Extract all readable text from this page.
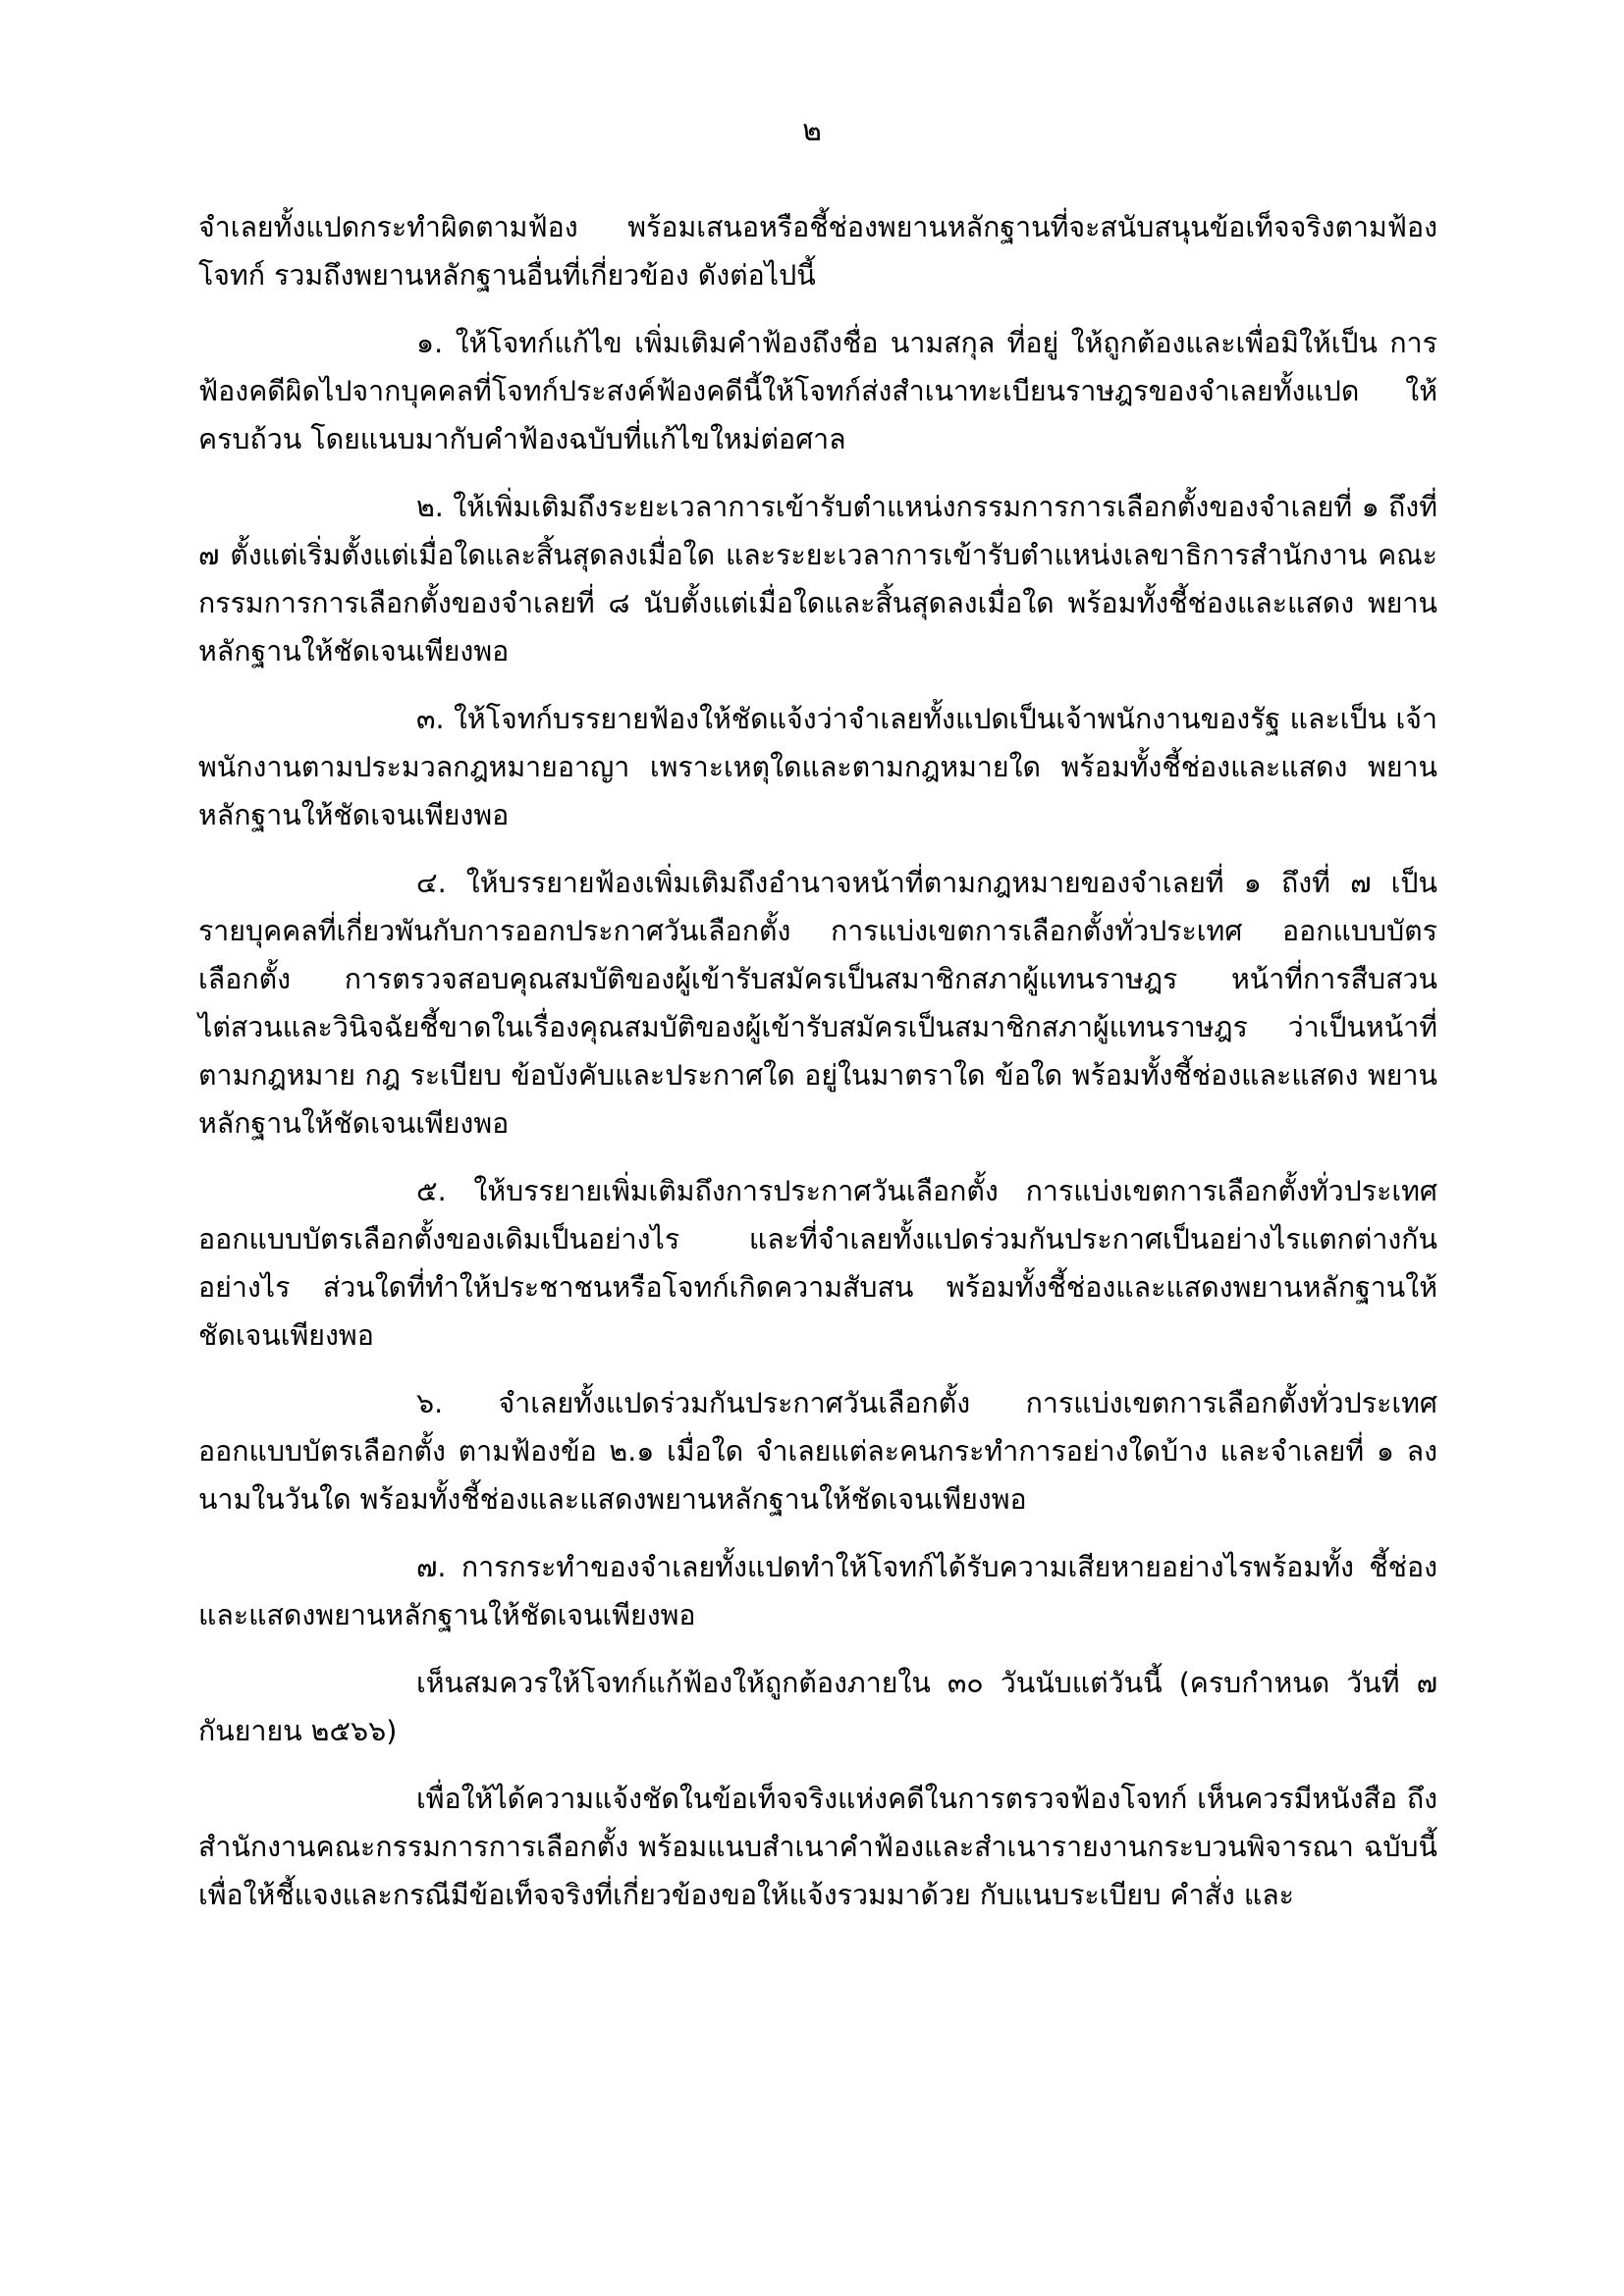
๒

จำเลยทั้งแปดกระทำผิดตามฟ้อง พร้อมเสนอหรือชี้ช่องพยานหลักฐานที่จะสนับสนุนข้อเท็จจริงตามฟ้อง โจทก์ รวมถึงพยานหลักฐานอื่นที่เกี่ยวข้อง ดังต่อไปนี้

๑. ให้โจทก์แก้ไข เพิ่มเติมคำฟ้องถึงชื่อ นามสกุล ที่อยู่ ให้ถูกต้องและเพื่อมิให้เป็น การฟ้องคดีผิดไปจากบุคคลที่โจทก์ประสงค์ฟ้องคดีนี้ให้โจทก์ส่งสำเนาทะเบียนราษฎรของจำเลยทั้งแปด ให้ครบถ้วน โดยแนบมากับคำฟ้องฉบับที่แก้ไขใหม่ต่อศาล

๒. ให้เพิ่มเติมถึงระยะเวลาการเข้ารับตำแหน่งกรรมการการเลือกตั้งของจำเลยที่ ๑ ถึงที่ ๗ ตั้งแต่เริ่มตั้งแต่เมื่อใดและสิ้นสุดลงเมื่อใด และระยะเวลาการเข้ารับตำแหน่งเลขาธิการสำนักงาน คณะกรรมการการเลือกตั้งของจำเลยที่ ๘ นับตั้งแต่เมื่อใดและสิ้นสุดลงเมื่อใด พร้อมทั้งชี้ช่องและแสดง พยานหลักฐานให้ชัดเจนเพียงพอ

๓. ให้โจทก์บรรยายฟ้องให้ชัดแจ้งว่าจำเลยทั้งแปดเป็นเจ้าพนักงานของรัฐ และเป็น เจ้าพนักงานตามประมวลกฎหมายอาญา เพราะเหตุใดและตามกฎหมายใด พร้อมทั้งชี้ช่องและแสดง พยานหลักฐานให้ชัดเจนเพียงพอ

๔. ให้บรรยายฟ้องเพิ่มเติมถึงอำนาจหน้าที่ตามกฎหมายของจำเลยที่ ๑ ถึงที่ ๗ เป็น รายบุคคลที่เกี่ยวพันกับการออกประกาศวันเลือกตั้ง การแบ่งเขตการเลือกตั้งทั่วประเทศ ออกแบบบัตร เลือกตั้ง การตรวจสอบคุณสมบัติของผู้เข้ารับสมัครเป็นสมาชิกสภาผู้แทนราษฎร หน้าที่การสืบสวน ไต่สวนและวินิจฉัยชี้ขาดในเรื่องคุณสมบัติของผู้เข้ารับสมัครเป็นสมาชิกสภาผู้แทนราษฎร ว่าเป็นหน้าที่ ตามกฎหมาย กฎ ระเบียบ ข้อบังคับและประกาศใด อยู่ในมาตราใด ข้อใด พร้อมทั้งชี้ช่องและแสดง พยานหลักฐานให้ชัดเจนเพียงพอ

๕. ให้บรรยายเพิ่มเติมถึงการประกาศวันเลือกตั้ง การแบ่งเขตการเลือกตั้งทั่วประเทศ ออกแบบบัตรเลือกตั้งของเดิมเป็นอย่างไร และที่จำเลยทั้งแปดร่วมกันประกาศเป็นอย่างไรแตกต่างกัน อย่างไร ส่วนใดที่ทำให้ประชาชนหรือโจทก์เกิดความสับสน พร้อมทั้งชี้ช่องและแสดงพยานหลักฐานให้ ชัดเจนเพียงพอ

๖. จำเลยทั้งแปดร่วมกันประกาศวันเลือกตั้ง การแบ่งเขตการเลือกตั้งทั่วประเทศ ออกแบบบัตรเลือกตั้ง ตามฟ้องข้อ ๒.๑ เมื่อใด จำเลยแต่ละคนกระทำการอย่างใดบ้าง และจำเลยที่ ๑ ลงนามในวันใด พร้อมทั้งชี้ช่องและแสดงพยานหลักฐานให้ชัดเจนเพียงพอ

๗. การกระทำของจำเลยทั้งแปดทำให้โจทก์ได้รับความเสียหายอย่างไรพร้อมทั้ง ชี้ช่องและแสดงพยานหลักฐานให้ชัดเจนเพียงพอ

เห็นสมควรให้โจทก์แก้ฟ้องให้ถูกต้องภายใน ๓๐ วันนับแต่วันนี้ (ครบกำหนด วันที่ ๗ กันยายน ๒๕๖๖)

เพื่อให้ได้ความแจ้งชัดในข้อเท็จจริงแห่งคดีในการตรวจฟ้องโจทก์ เห็นควรมีหนังสือ ถึงสำนักงานคณะกรรมการการเลือกตั้ง พร้อมแนบสำเนาคำฟ้องและสำเนารายงานกระบวนพิจารณา ฉบับนี้ เพื่อให้ชี้แจงและกรณีมีข้อเท็จจริงที่เกี่ยวข้องขอให้แจ้งรวมมาด้วย กับแนบระเบียบ คำสั่ง และ
